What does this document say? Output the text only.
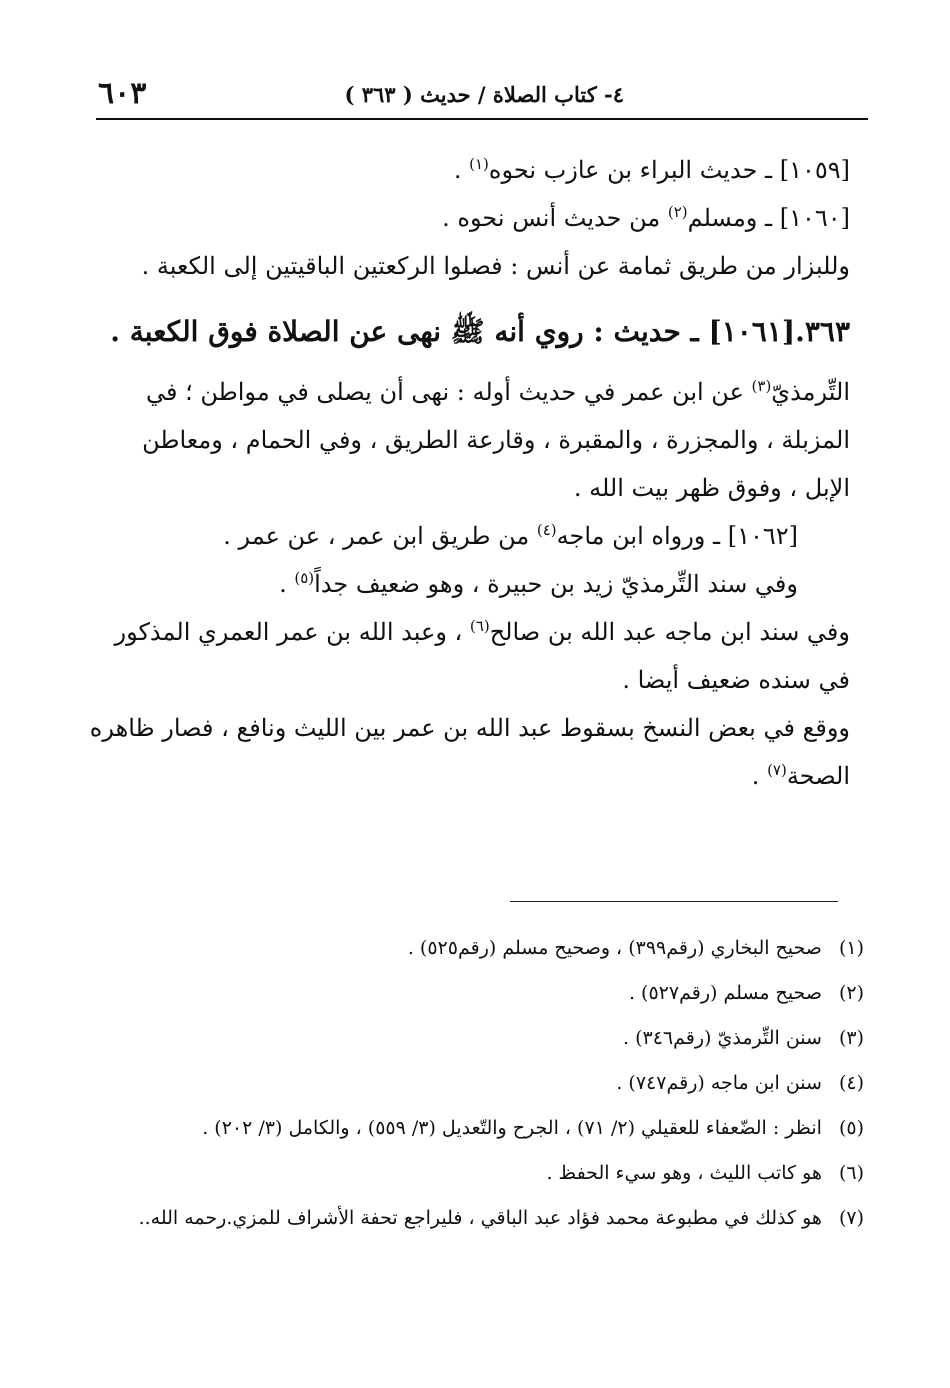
٤- كتاب الصلاة / حديث ( ٣٦٣ )
٦٠٣
[١٠٥٩] ـ حديث البراء بن عازب نحوه$^{(١)}$ .
[١٠٦٠] ـ ومسلم$^{(٢)}$ من حديث أنس نحوه .
وللبزار من طريق ثمامة عن أنس : فصلوا الركعتين الباقيتين إلى الكعبة .
٣٦٣.[١٠٦١] ـ حديث : روي أنه ﷺ نهى عن الصلاة فوق الكعبة .
التِّرمذيّ$^{(٣)}$ عن ابن عمر في حديث أوله : نهى أن يصلى في مواطن ؛ في
المزبلة ، والمجزرة ، والمقبرة ، وقارعة الطريق ، وفي الحمام ، ومعاطن
الإبل ، وفوق ظهر بيت الله .
[١٠٦٢] ـ ورواه ابن ماجه$^{(٤)}$ من طريق ابن عمر ، عن عمر .
وفي سند التِّرمذيّ زيد بن حبيرة ، وهو ضعيف جداً$^{(٥)}$ .
وفي سند ابن ماجه عبد الله بن صالح$^{(٦)}$ ، وعبد الله بن عمر العمري المذكور
في سنده ضعيف أيضا .
ووقع في بعض النسخ بسقوط عبد الله بن عمر بين الليث ونافع ، فصار ظاهره
الصحة$^{(٧)}$ .
(١) صحيح البخاري (رقم٣٩٩) ، وصحيح مسلم (رقم٥٢٥) .
(٢) صحيح مسلم (رقم٥٢٧) .
(٣) سنن التِّرمذيّ (رقم٣٤٦) .
(٤) سنن ابن ماجه (رقم٧٤٧) .
(٥) انظر : الضّعفاء للعقيلي (٢/ ٧١) ، الجرح والتّعديل (٣/ ٥٥٩) ، والكامل (٣/ ٢٠٢) .
(٦) هو كاتب الليث ، وهو سيء الحفظ .
(٧) هو كذلك في مطبوعة محمد فؤاد عبد الباقي ، فليراجع تحفة الأشراف للمزي.رحمه الله..
